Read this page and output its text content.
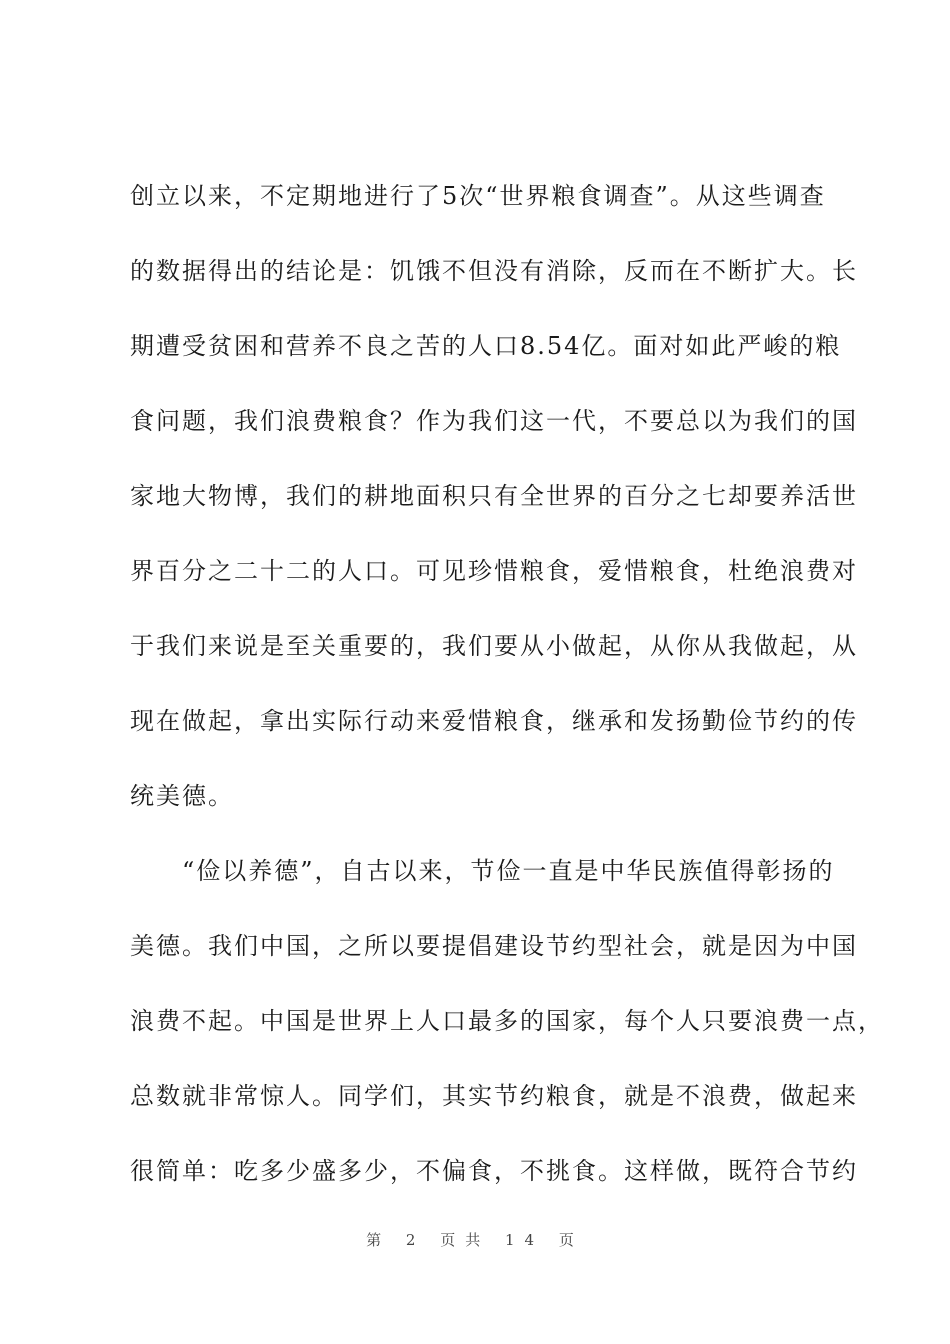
创立以来，不定期地进行了5次“世界粮食调查”。从这些调查
的数据得出的结论是：饥饿不但没有消除，反而在不断扩大。长
期遭受贫困和营养不良之苦的人口8.54亿。面对如此严峻的粮
食问题，我们浪费粮食？作为我们这一代，不要总以为我们的国
家地大物博，我们的耕地面积只有全世界的百分之七却要养活世
界百分之二十二的人口。可见珍惜粮食，爱惜粮食，杜绝浪费对
于我们来说是至关重要的，我们要从小做起，从你从我做起，从
现在做起，拿出实际行动来爱惜粮食，继承和发扬勤俭节约的传
统美德。
　　“俭以养德”，自古以来，节俭一直是中华民族值得彰扬的
美德。我们中国，之所以要提倡建设节约型社会，就是因为中国
浪费不起。中国是世界上人口最多的国家，每个人只要浪费一点，
总数就非常惊人。同学们，其实节约粮食，就是不浪费，做起来
很简单：吃多少盛多少，不偏食，不挑食。这样做，既符合节约
第 2 页共 14 页
